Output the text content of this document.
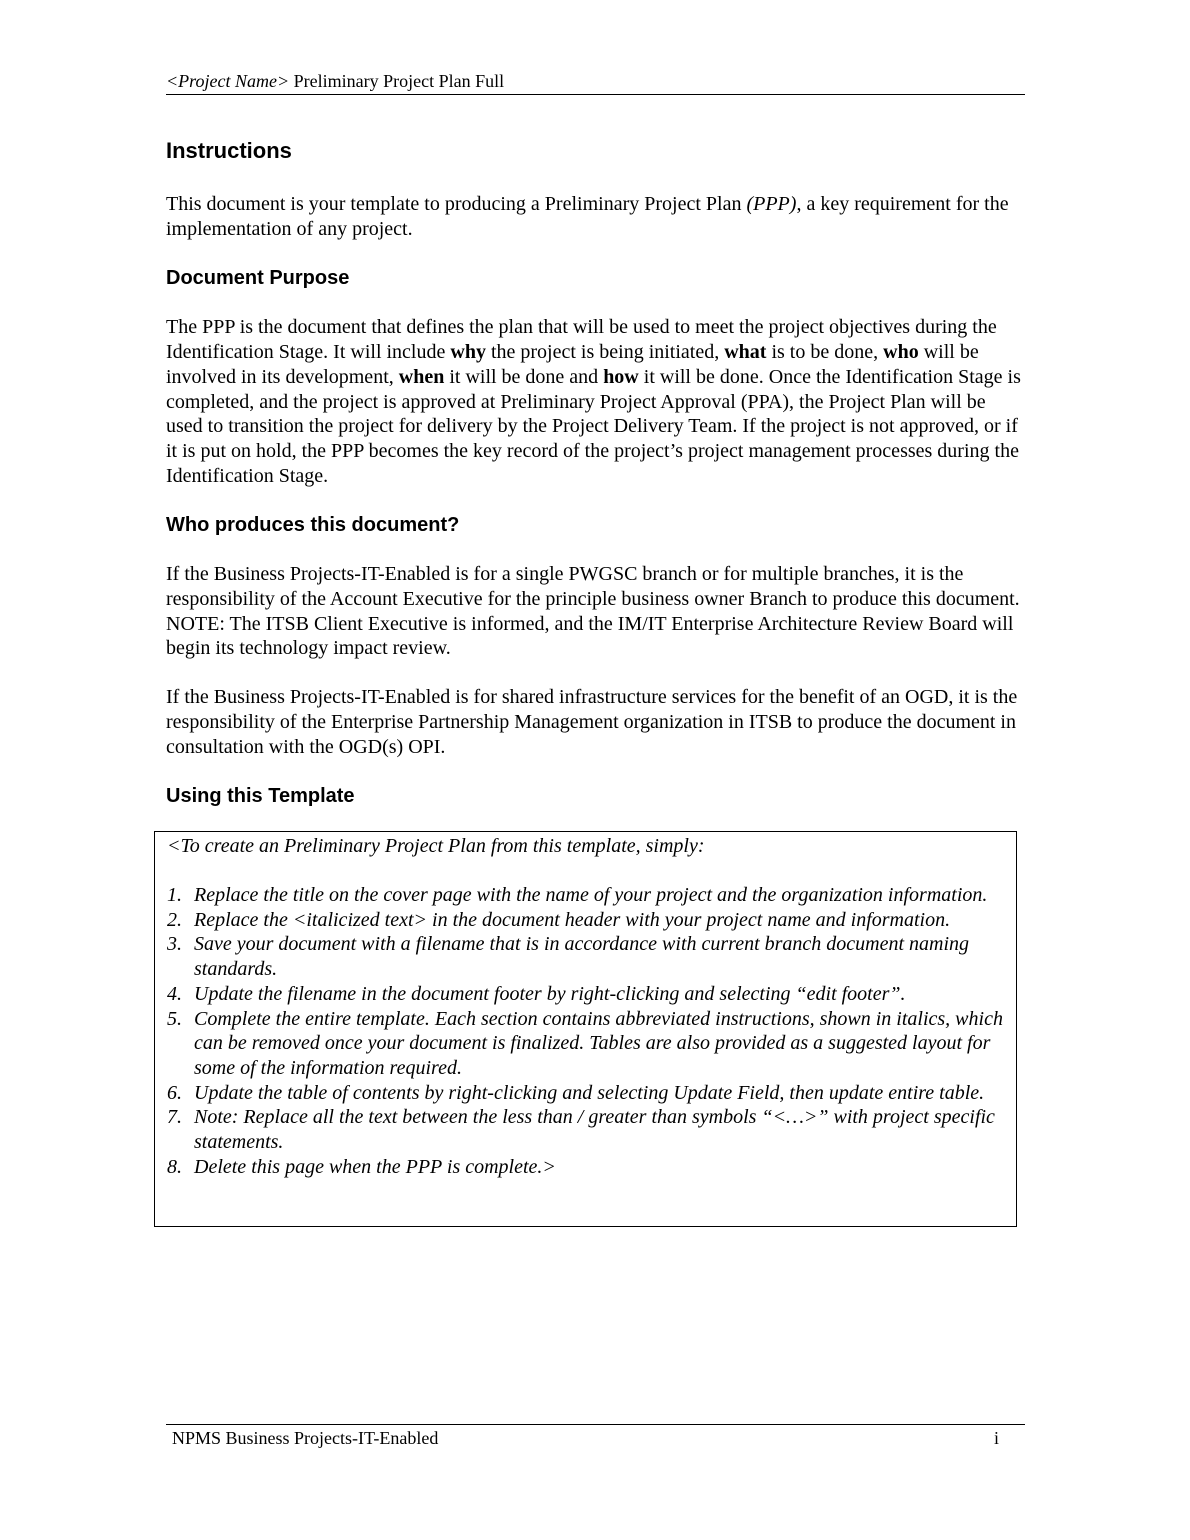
<Project Name> Preliminary Project Plan Full
Instructions

This document is your template to producing a Preliminary Project Plan (PPP), a key requirement for the implementation of any project.

Document Purpose

The PPP is the document that defines the plan that will be used to meet the project objectives during the Identification Stage. It will include why the project is being initiated, what is to be done, who will be involved in its development, when it will be done and how it will be done. Once the Identification Stage is completed, and the project is approved at Preliminary Project Approval (PPA), the Project Plan will be used to transition the project for delivery by the Project Delivery Team. If the project is not approved, or if it is put on hold, the PPP becomes the key record of the project’s project management processes during the Identification Stage.

Who produces this document?

If the Business Projects-IT-Enabled is for a single PWGSC branch or for multiple branches, it is the responsibility of the Account Executive for the principle business owner Branch to produce this document. NOTE: The ITSB Client Executive is informed, and the IM/IT Enterprise Architecture Review Board will begin its technology impact review.

If the Business Projects-IT-Enabled is for shared infrastructure services for the benefit of an OGD, it is the responsibility of the Enterprise Partnership Management organization in ITSB to produce the document in consultation with the OGD(s) OPI.

Using this Template
<To create an Preliminary Project Plan from this template, simply:
1. Replace the title on the cover page with the name of your project and the organization information.
2. Replace the <italicized text> in the document header with your project name and information.
3. Save your document with a filename that is in accordance with current branch document naming standards.
4. Update the filename in the document footer by right-clicking and selecting “edit footer”.
5. Complete the entire template. Each section contains abbreviated instructions, shown in italics, which can be removed once your document is finalized. Tables are also provided as a suggested layout for some of the information required.
6. Update the table of contents by right-clicking and selecting Update Field, then update entire table.
7. Note: Replace all the text between the less than / greater than symbols “<…>” with project specific statements.
8. Delete this page when the PPP is complete.>
NPMS Business Projects-IT-Enabled	i
